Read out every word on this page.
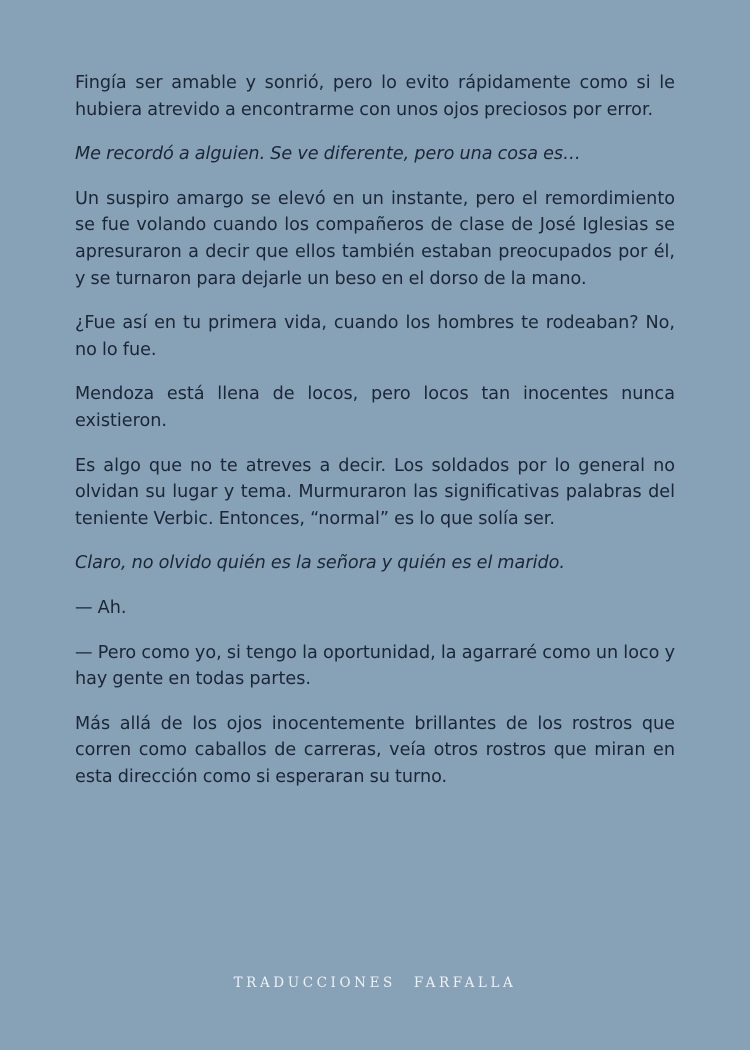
Fingía ser amable y sonrió, pero lo evito rápidamente como si le hubiera atrevido a encontrarme con unos ojos preciosos por error.

Me recordó a alguien. Se ve diferente, pero una cosa es…

Un suspiro amargo se elevó en un instante, pero el remordimiento se fue volando cuando los compañeros de clase de José Iglesias se apresuraron a decir que ellos también estaban preocupados por él, y se turnaron para dejarle un beso en el dorso de la mano.

¿Fue así en tu primera vida, cuando los hombres te rodeaban? No, no lo fue.

Mendoza está llena de locos, pero locos tan inocentes nunca existieron.

Es algo que no te atreves a decir. Los soldados por lo general no olvidan su lugar y tema. Murmuraron las significativas palabras del teniente Verbic. Entonces, “normal” es lo que solía ser.

Claro, no olvido quién es la señora y quién es el marido.

— Ah.

— Pero como yo, si tengo la oportunidad, la agarraré como un loco y hay gente en todas partes.

Más allá de los ojos inocentemente brillantes de los rostros que corren como caballos de carreras, veía otros rostros que miran en esta dirección como si esperaran su turno.

TRADUCCIONES FARFALLA
